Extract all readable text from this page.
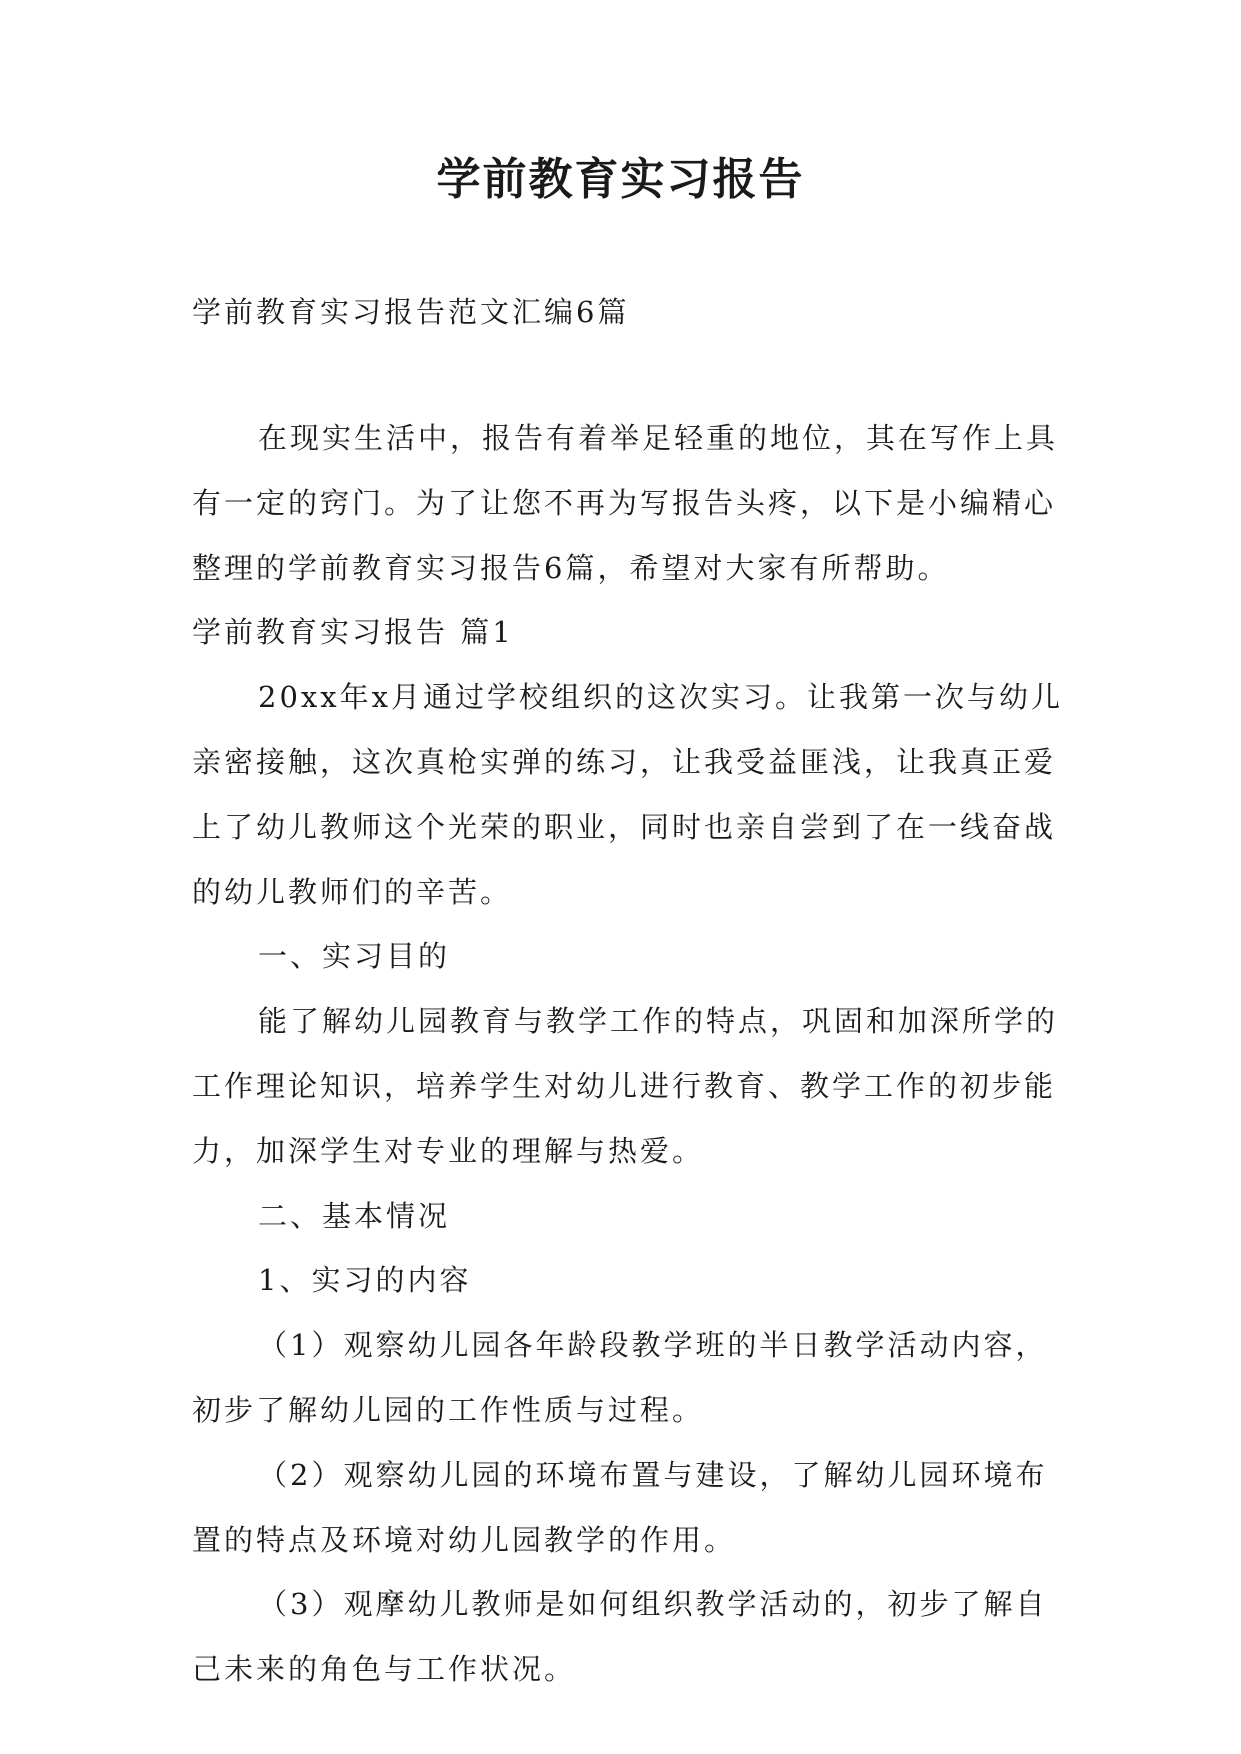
学前教育实习报告

学前教育实习报告范文汇编6篇

在现实生活中，报告有着举足轻重的地位，其在写作上具有一定的窍门。为了让您不再为写报告头疼，以下是小编精心整理的学前教育实习报告6篇，希望对大家有所帮助。

学前教育实习报告 篇1

20xx年x月通过学校组织的这次实习。让我第一次与幼儿亲密接触，这次真枪实弹的练习，让我受益匪浅，让我真正爱上了幼儿教师这个光荣的职业，同时也亲自尝到了在一线奋战的幼儿教师们的辛苦。

一、实习目的

能了解幼儿园教育与教学工作的特点，巩固和加深所学的工作理论知识，培养学生对幼儿进行教育、教学工作的初步能力，加深学生对专业的理解与热爱。

二、基本情况

1、实习的内容

（1）观察幼儿园各年龄段教学班的半日教学活动内容，初步了解幼儿园的工作性质与过程。

（2）观察幼儿园的环境布置与建设，了解幼儿园环境布置的特点及环境对幼儿园教学的作用。

（3）观摩幼儿教师是如何组织教学活动的，初步了解自己未来的角色与工作状况。
